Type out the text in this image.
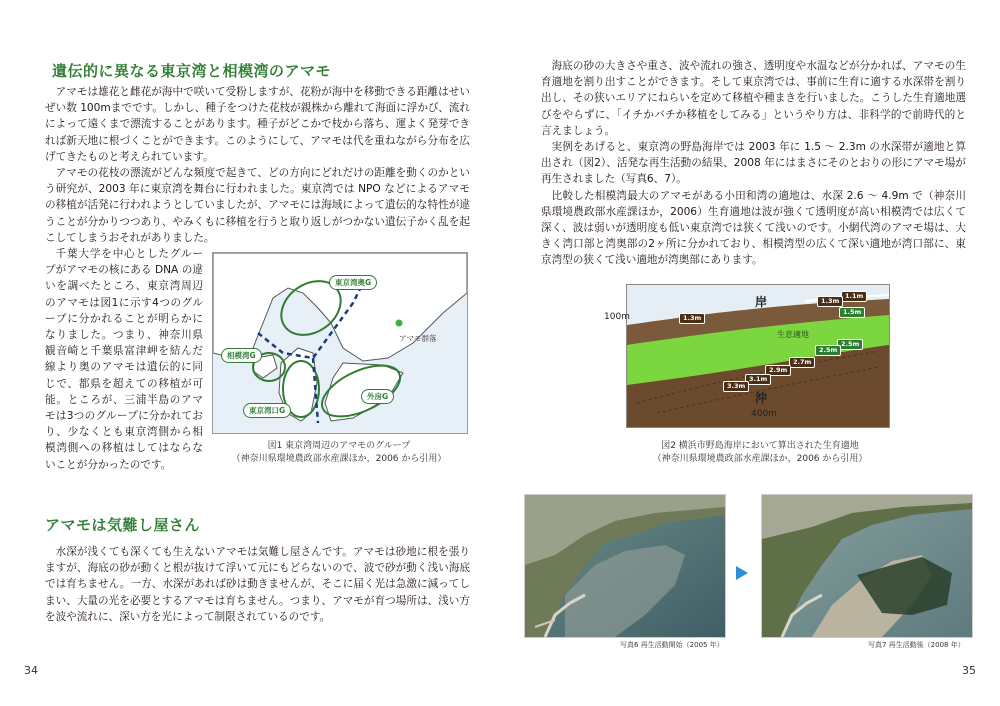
遺伝的に異なる東京湾と相模湾のアマモ

アマモは雄花と雌花が海中で咲いて受粉しますが、花粉が海中を移動できる距離はせいぜい数 100mまでです。しかし、種子をつけた花枝が親株から離れて海面に浮かび、流れによって遠くまで漂流することがあります。種子がどこかで枝から落ち、運よく発芽できれば新天地に根づくことができます。このようにして、アマモは代を重ねながら分布を広げてきたものと考えられています。

アマモの花枝の漂流がどんな頻度で起きて、どの方向にどれだけの距離を動くのかという研究が、2003 年に東京湾を舞台に行われました。東京湾では NPO などによるアマモの移植が活発に行われようとしていましたが、アマモには海域によって遺伝的な特性が違うことが分かりつつあり、やみくもに移植を行うと取り返しがつかない遺伝子かく乱を起こしてしまうおそれがありました。

千葉大学を中心としたグループがアマモの核にある DNA の違いを調べたところ、東京湾周辺のアマモは図1に示す4つのグループに分かれることが明らかになりました。つまり、神奈川県観音崎と千葉県富津岬を結んだ線より奥のアマモは遺伝的に同じで、都県を超えての移植が可能。ところが、三浦半島のアマモは3つのグループに分かれており、少なくとも東京湾側から相模湾側への移植はしてはならないことが分かったのです。

東京湾奥G
相模湾G
東京湾口G
外房G
アマモ群落
図1 東京湾周辺のアマモのグループ
（神奈川県環境農政部水産課ほか，2006 から引用）
アマモは気難し屋さん

水深が浅くても深くても生えないアマモは気難し屋さんです。アマモは砂地に根を張りますが、海底の砂が動くと根が抜けて浮いて元にもどらないので、波で砂が動く浅い海底では育ちません。一方、水深があれば砂は動きませんが、そこに届く光は急激に減ってしまい、大量の光を必要とするアマモは育ちません。つまり、アマモが育つ場所は、浅い方を波や流れに、深い方を光によって制限されているのです。

34

海底の砂の大きさや重さ、波や流れの強さ、透明度や水温などが分かれば、アマモの生育適地を割り出すことができます。そして東京湾では、事前に生育に適する水深帯を割り出し、その狭いエリアにねらいを定めて移植や種まきを行いました。こうした生育適地選びをやらずに、「イチかバチか移植をしてみる」というやり方は、非科学的で前時代的と言えましょう。

実例をあげると、東京湾の野島海岸では 2003 年に 1.5 ～ 2.3m の水深帯が適地と算出され（図2）、活発な再生活動の結果、2008 年にはまさにそのとおりの形にアマモ場が再生されました（写真6、7）。

比較した相模湾最大のアマモがある小田和湾の適地は、水深 2.6 ～ 4.9m で（神奈川県環境農政部水産課ほか，2006）生育適地は波が強くて透明度が高い相模湾では広くて深く、波は弱いが透明度も低い東京湾では狭くて浅いのです。小網代湾のアマモ場は、大きく湾口部と湾奥部の2ヶ所に分かれており、相模湾型の広くて深い適地が湾口部に、東京湾型の狭くて浅い適地が湾奥部にあります。

岸
沖
400m
生息適地
1.1m
1.3m
1.5m
1.3m
2.5m
2.5m
2.7m
2.9m
3.1m
3.3m
100m
図2 横浜市野島海岸において算出された生育適地
（神奈川県環境農政部水産課ほか，2006 から引用）
写真6 再生活動開始（2005 年）	写真7 再生活動後（2008 年）
35
